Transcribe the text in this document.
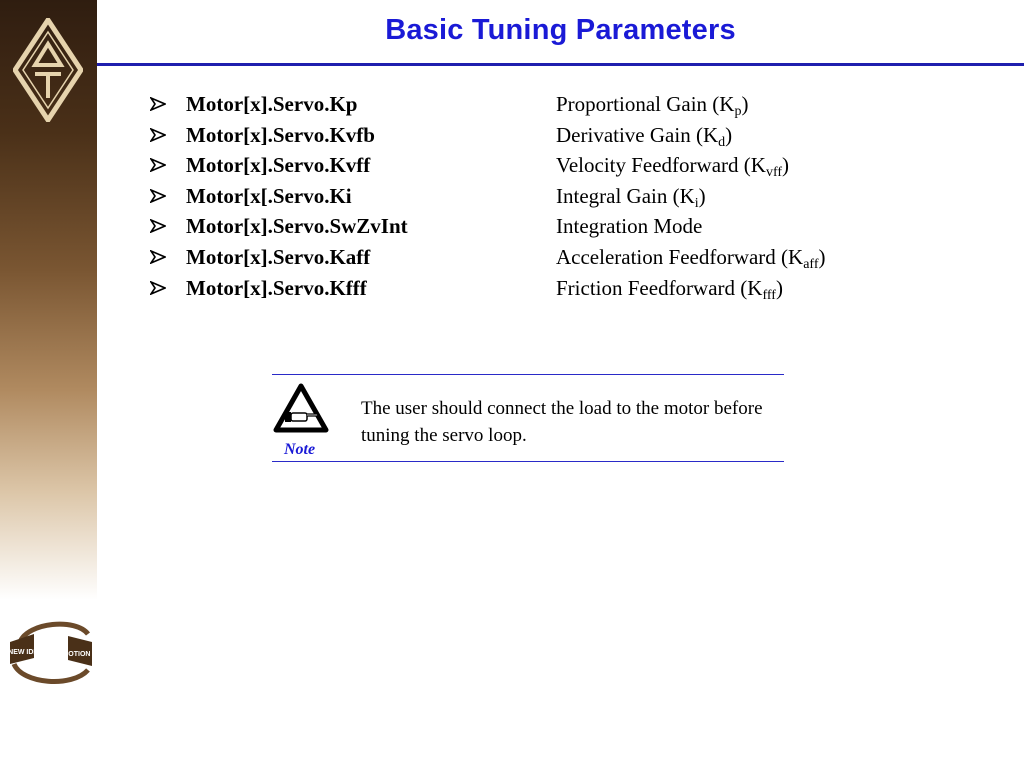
NEW IDEAS IN MOTION
Basic Tuning Parameters
Motor[x].Servo.Kp	Proportional Gain $(K_p)$
Motor[x].Servo.Kvfb	Derivative Gain $(K_d)$
Motor[x].Servo.Kvff	Velocity Feedforward $(K_{vff})$
Motor[x[.Servo.Ki	Integral Gain $(K_i)$
Motor[x].Servo.SwZvInt	Integration Mode
Motor[x].Servo.Kaff	Acceleration Feedforward $(K_{aff})$
Motor[x].Servo.Kfff	Friction Feedforward $(K_{fff})$
Note
The user should connect the load to the motor before tuning the servo loop.
